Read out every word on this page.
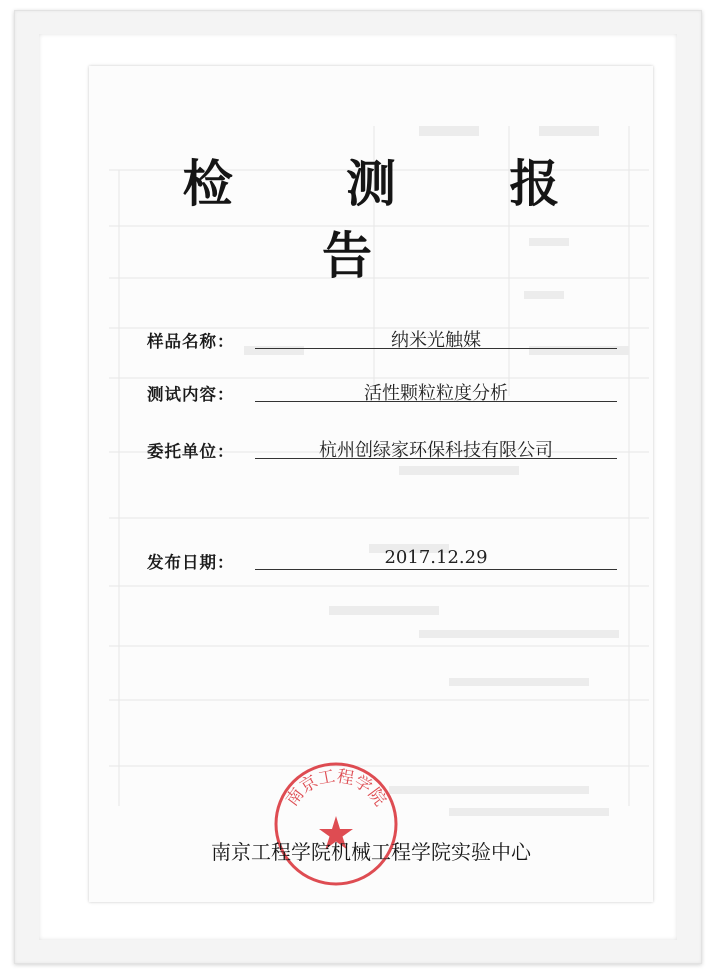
检 测 报 告
样品名称：	纳米光触媒
测试内容：	活性颗粒粒度分析
委托单位：	杭州创绿家环保科技有限公司
发布日期：	2017.12.29
南京工程学院
南京工程学院机械工程学院实验中心
